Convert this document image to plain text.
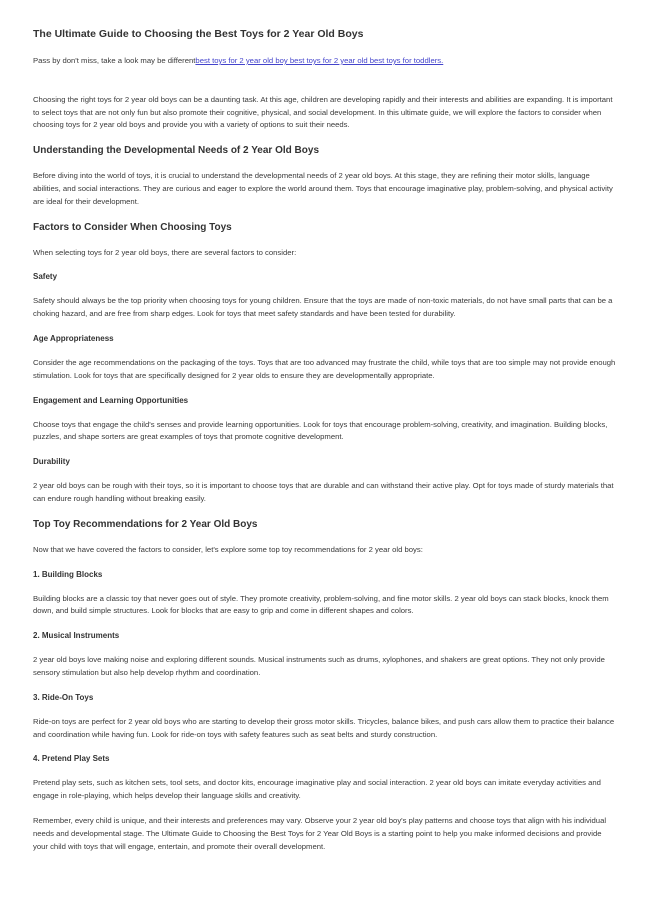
The Ultimate Guide to Choosing the Best Toys for 2 Year Old Boys

Pass by don't miss, take a look may be differentbest toys for 2 year old boy best toys for 2 year old best toys for toddlers.

Choosing the right toys for 2 year old boys can be a daunting task. At this age, children are developing rapidly and their interests and abilities are expanding. It is important to select toys that are not only fun but also promote their cognitive, physical, and social development. In this ultimate guide, we will explore the factors to consider when choosing toys for 2 year old boys and provide you with a variety of options to suit their needs.

Understanding the Developmental Needs of 2 Year Old Boys

Before diving into the world of toys, it is crucial to understand the developmental needs of 2 year old boys. At this stage, they are refining their motor skills, language abilities, and social interactions. They are curious and eager to explore the world around them. Toys that encourage imaginative play, problem-solving, and physical activity are ideal for their development.

Factors to Consider When Choosing Toys

When selecting toys for 2 year old boys, there are several factors to consider:

Safety

Safety should always be the top priority when choosing toys for young children. Ensure that the toys are made of non-toxic materials, do not have small parts that can be a choking hazard, and are free from sharp edges. Look for toys that meet safety standards and have been tested for durability.

Age Appropriateness

Consider the age recommendations on the packaging of the toys. Toys that are too advanced may frustrate the child, while toys that are too simple may not provide enough stimulation. Look for toys that are specifically designed for 2 year olds to ensure they are developmentally appropriate.

Engagement and Learning Opportunities

Choose toys that engage the child's senses and provide learning opportunities. Look for toys that encourage problem-solving, creativity, and imagination. Building blocks, puzzles, and shape sorters are great examples of toys that promote cognitive development.

Durability

2 year old boys can be rough with their toys, so it is important to choose toys that are durable and can withstand their active play. Opt for toys made of sturdy materials that can endure rough handling without breaking easily.

Top Toy Recommendations for 2 Year Old Boys

Now that we have covered the factors to consider, let's explore some top toy recommendations for 2 year old boys:

1. Building Blocks

Building blocks are a classic toy that never goes out of style. They promote creativity, problem-solving, and fine motor skills. 2 year old boys can stack blocks, knock them down, and build simple structures. Look for blocks that are easy to grip and come in different shapes and colors.

2. Musical Instruments

2 year old boys love making noise and exploring different sounds. Musical instruments such as drums, xylophones, and shakers are great options. They not only provide sensory stimulation but also help develop rhythm and coordination.

3. Ride-On Toys

Ride-on toys are perfect for 2 year old boys who are starting to develop their gross motor skills. Tricycles, balance bikes, and push cars allow them to practice their balance and coordination while having fun. Look for ride-on toys with safety features such as seat belts and sturdy construction.

4. Pretend Play Sets

Pretend play sets, such as kitchen sets, tool sets, and doctor kits, encourage imaginative play and social interaction. 2 year old boys can imitate everyday activities and engage in role-playing, which helps develop their language skills and creativity.

Remember, every child is unique, and their interests and preferences may vary. Observe your 2 year old boy's play patterns and choose toys that align with his individual needs and developmental stage. The Ultimate Guide to Choosing the Best Toys for 2 Year Old Boys is a starting point to help you make informed decisions and provide your child with toys that will engage, entertain, and promote their overall development.
